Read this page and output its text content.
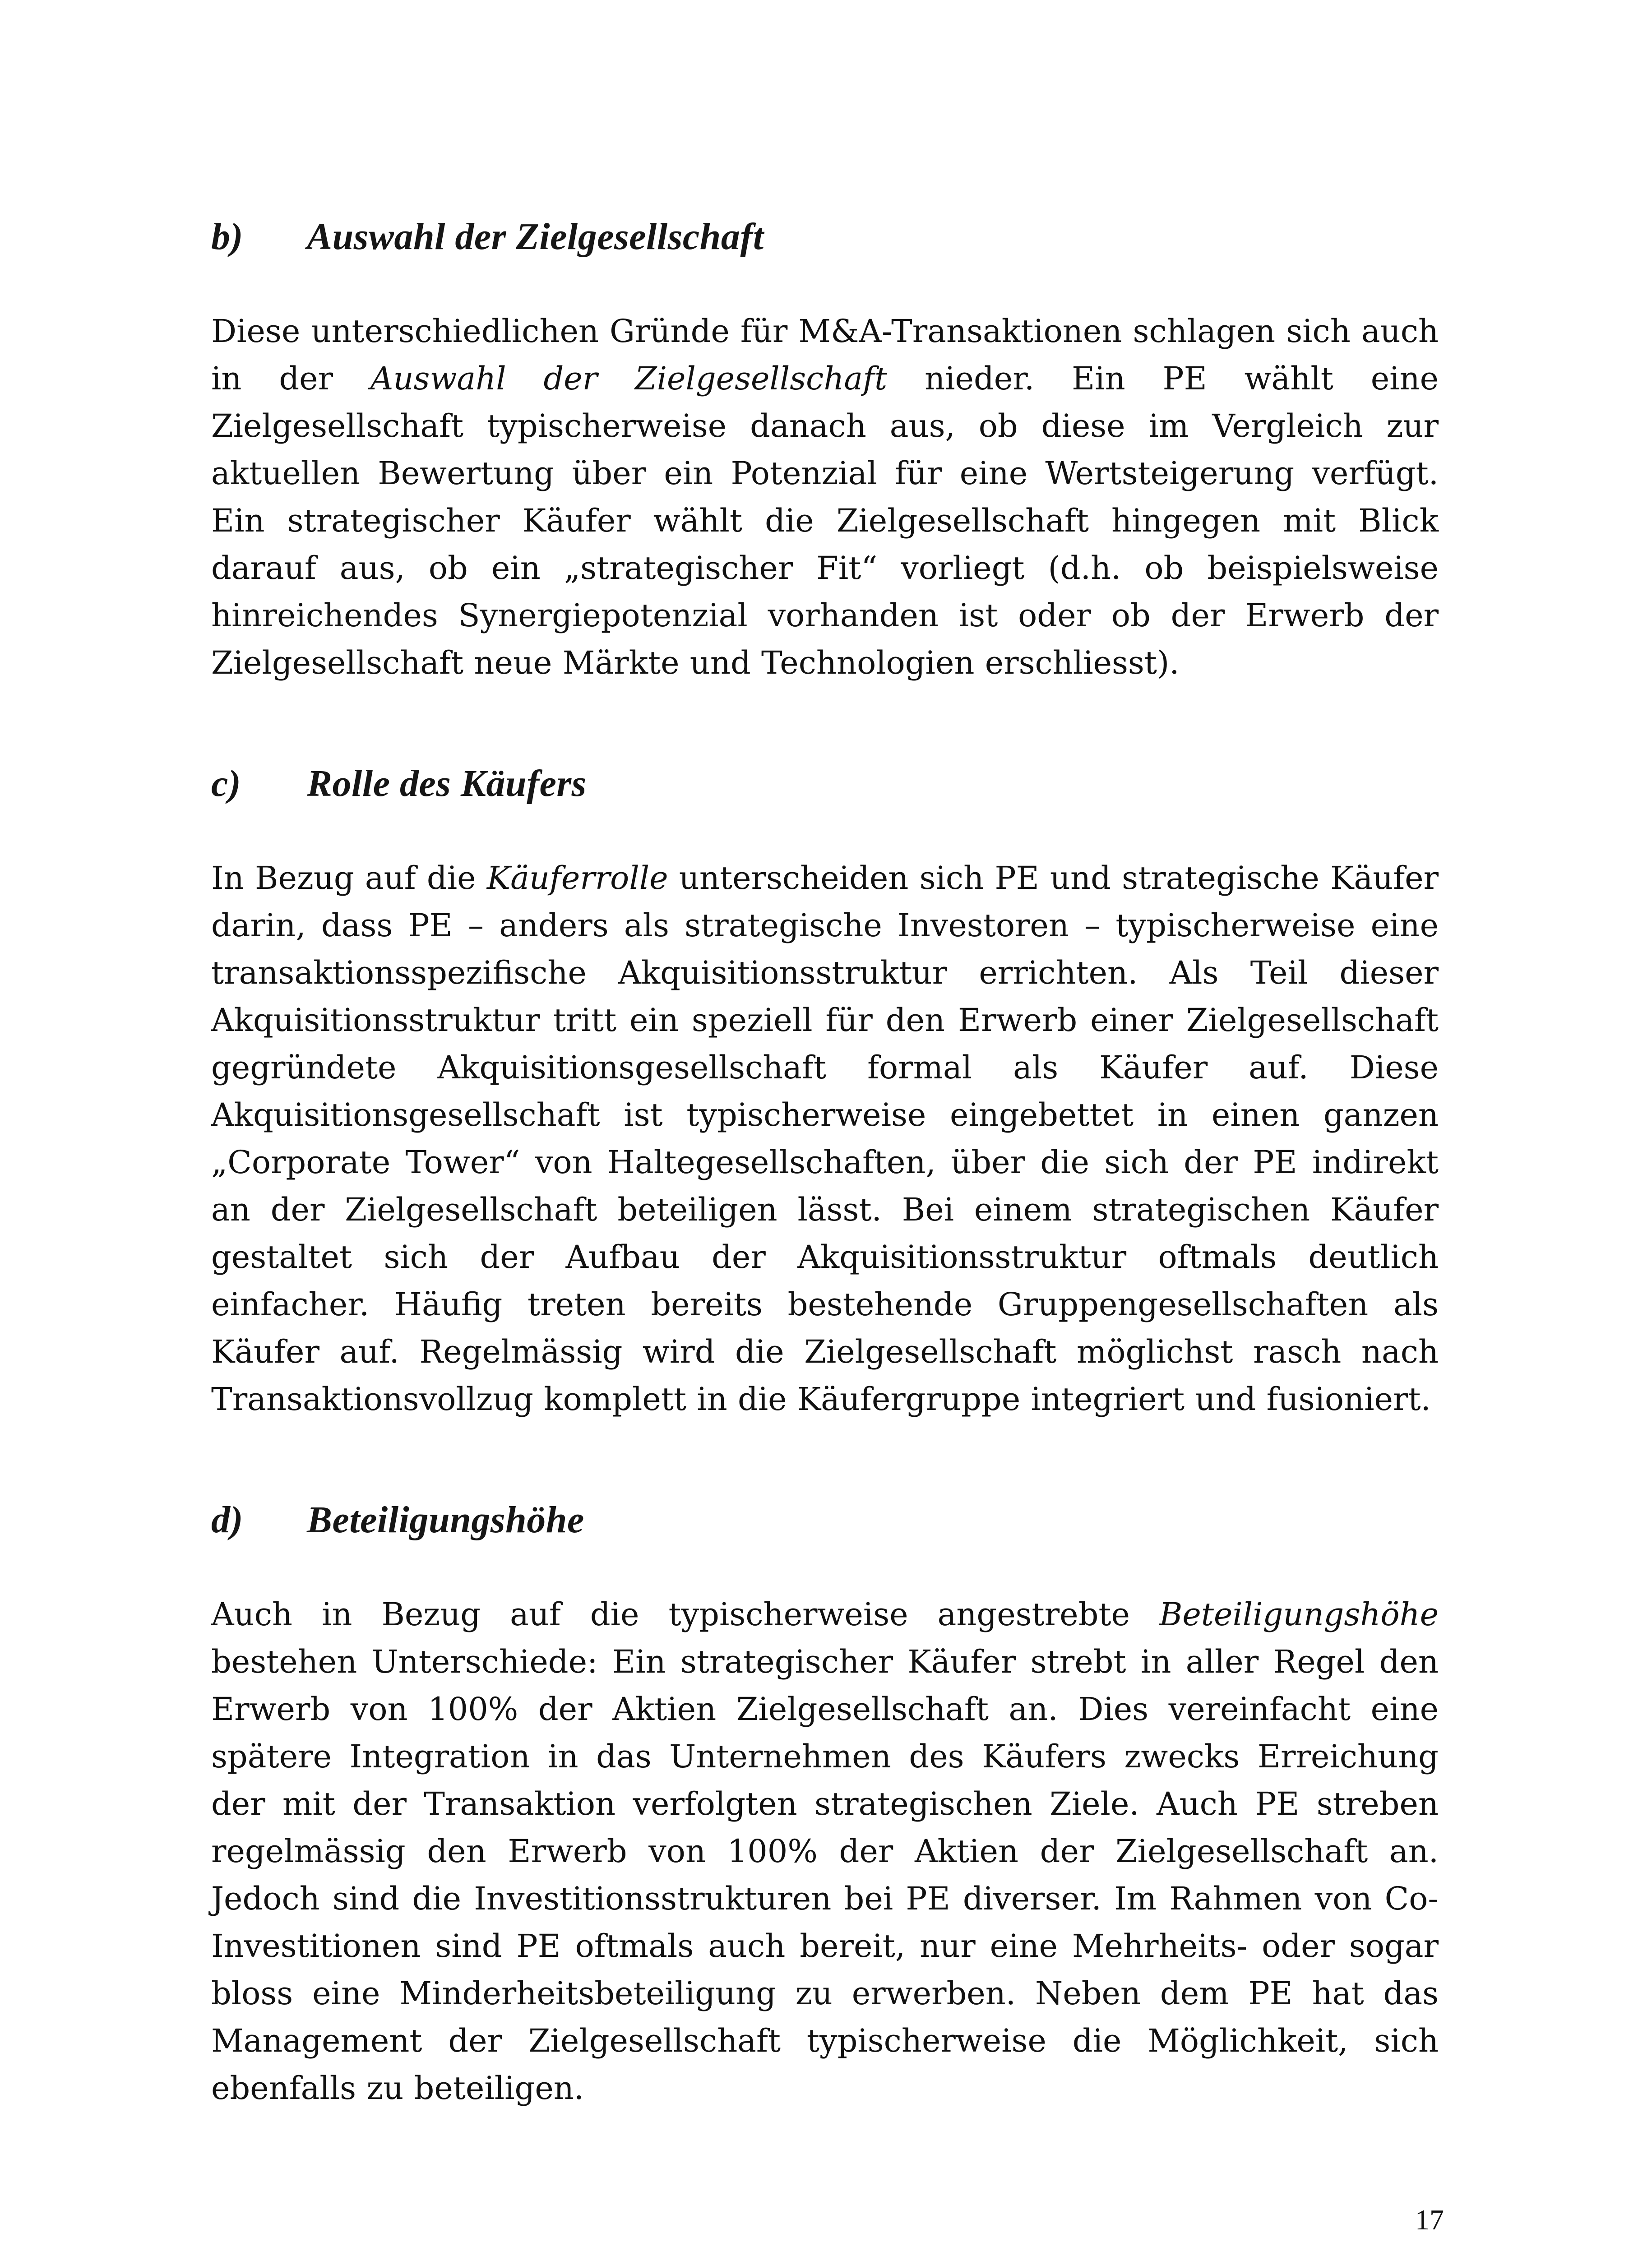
b)	Auswahl der Zielgesellschaft

Diese unterschiedlichen Gründe für M&A-Transaktionen schlagen sich auch in der Auswahl der Zielgesellschaft nieder. Ein PE wählt eine Zielgesellschaft typischerweise danach aus, ob diese im Vergleich zur aktuellen Bewertung über ein Potenzial für eine Wertsteigerung verfügt. Ein strategischer Käufer wählt die Zielgesellschaft hingegen mit Blick darauf aus, ob ein „strategischer Fit“ vorliegt (d.h. ob beispielsweise hinreichendes Synergiepotenzial vorhanden ist oder ob der Erwerb der Zielgesellschaft neue Märkte und Technologien erschliesst).

c)	Rolle des Käufers

In Bezug auf die Käuferrolle unterscheiden sich PE und strategische Käufer darin, dass PE – anders als strategische Investoren – typischerweise eine transaktionsspezifische Akquisitionsstruktur errichten. Als Teil dieser Akquisitionsstruktur tritt ein speziell für den Erwerb einer Zielgesellschaft gegründete Akquisitionsgesellschaft formal als Käufer auf. Diese Akquisitionsgesellschaft ist typischerweise eingebettet in einen ganzen „Corporate Tower“ von Haltegesellschaften, über die sich der PE indirekt an der Zielgesellschaft beteiligen lässt. Bei einem strategischen Käufer gestaltet sich der Aufbau der Akquisitionsstruktur oftmals deutlich einfacher. Häufig treten bereits bestehende Gruppengesellschaften als Käufer auf. Regelmässig wird die Zielgesellschaft möglichst rasch nach Transaktionsvollzug komplett in die Käufergruppe integriert und fusioniert.

d)	Beteiligungshöhe

Auch in Bezug auf die typischerweise angestrebte Beteiligungshöhe bestehen Unterschiede: Ein strategischer Käufer strebt in aller Regel den Erwerb von 100% der Aktien Zielgesellschaft an. Dies vereinfacht eine spätere Integration in das Unternehmen des Käufers zwecks Erreichung der mit der Transaktion verfolgten strategischen Ziele. Auch PE streben regelmässig den Erwerb von 100% der Aktien der Zielgesellschaft an. Jedoch sind die Investitionsstrukturen bei PE diverser. Im Rahmen von Co-Investitionen sind PE oftmals auch bereit, nur eine Mehrheits- oder sogar bloss eine Minderheitsbeteiligung zu erwerben. Neben dem PE hat das Management der Zielgesellschaft typischerweise die Möglichkeit, sich ebenfalls zu beteiligen.

17
